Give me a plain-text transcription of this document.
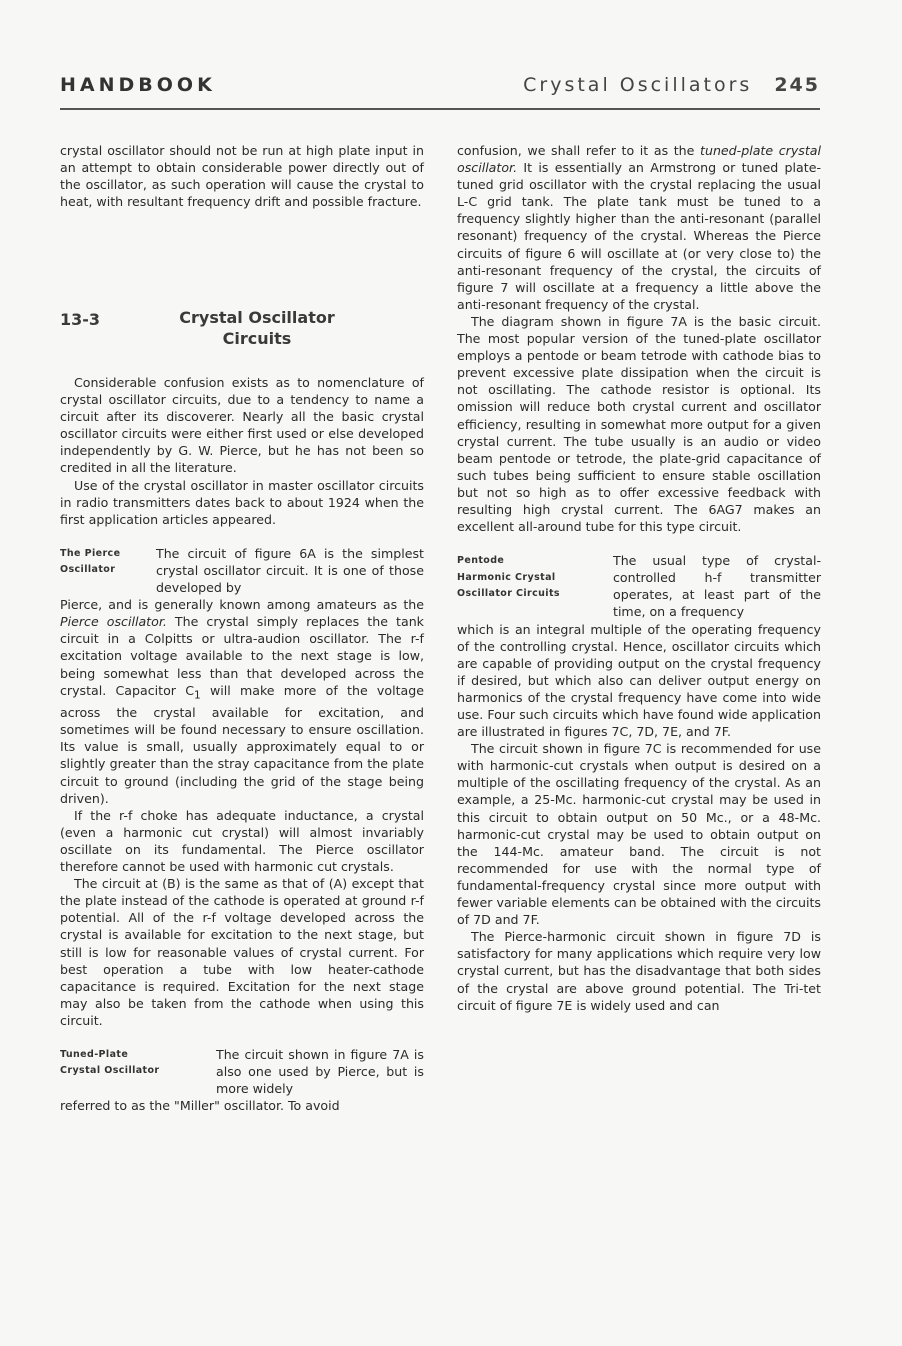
HANDBOOK	Crystal Oscillators 245

crystal oscillator should not be run at high plate input in an attempt to obtain considerable power directly out of the oscillator, as such operation will cause the crystal to heat, with resultant frequency drift and possible fracture.

13-3	Crystal Oscillator
Circuits

Considerable confusion exists as to nomenclature of crystal oscillator circuits, due to a tendency to name a circuit after its discoverer. Nearly all the basic crystal oscillator circuits were either first used or else developed independently by G. W. Pierce, but he has not been so credited in all the literature.

Use of the crystal oscillator in master oscillator circuits in radio transmitters dates back to about 1924 when the first application articles appeared.

The Pierce
Oscillator

The circuit of figure 6A is the simplest crystal oscillator circuit. It is one of those developed by

Pierce, and is generally known among amateurs as the Pierce oscillator. The crystal simply replaces the tank circuit in a Colpitts or ultra-audion oscillator. The r-f excitation voltage available to the next stage is low, being somewhat less than that developed across the crystal. Capacitor $C_1$ will make more of the voltage across the crystal available for excitation, and sometimes will be found necessary to ensure oscillation. Its value is small, usually approximately equal to or slightly greater than the stray capacitance from the plate circuit to ground (including the grid of the stage being driven).

If the r-f choke has adequate inductance, a crystal (even a harmonic cut crystal) will almost invariably oscillate on its fundamental. The Pierce oscillator therefore cannot be used with harmonic cut crystals.

The circuit at (B) is the same as that of (A) except that the plate instead of the cathode is operated at ground r-f potential. All of the r-f voltage developed across the crystal is available for excitation to the next stage, but still is low for reasonable values of crystal current. For best operation a tube with low heater-cathode capacitance is required. Excitation for the next stage may also be taken from the cathode when using this circuit.

Tuned-Plate
Crystal Oscillator

The circuit shown in figure 7A is also one used by Pierce, but is more widely

referred to as the "Miller" oscillator. To avoid

confusion, we shall refer to it as the tuned-plate crystal oscillator. It is essentially an Armstrong or tuned plate-tuned grid oscillator with the crystal replacing the usual L-C grid tank. The plate tank must be tuned to a frequency slightly higher than the anti-resonant (parallel resonant) frequency of the crystal. Whereas the Pierce circuits of figure 6 will oscillate at (or very close to) the anti-resonant frequency of the crystal, the circuits of figure 7 will oscillate at a frequency a little above the anti-resonant frequency of the crystal.

The diagram shown in figure 7A is the basic circuit. The most popular version of the tuned-plate oscillator employs a pentode or beam tetrode with cathode bias to prevent excessive plate dissipation when the circuit is not oscillating. The cathode resistor is optional. Its omission will reduce both crystal current and oscillator efficiency, resulting in somewhat more output for a given crystal current. The tube usually is an audio or video beam pentode or tetrode, the plate-grid capacitance of such tubes being sufficient to ensure stable oscillation but not so high as to offer excessive feedback with resulting high crystal current. The 6AG7 makes an excellent all-around tube for this type circuit.

Pentode
Harmonic Crystal
Oscillator Circuits

The usual type of crystal-controlled h-f transmitter operates, at least part of the time, on a frequency

which is an integral multiple of the operating frequency of the controlling crystal. Hence, oscillator circuits which are capable of providing output on the crystal frequency if desired, but which also can deliver output energy on harmonics of the crystal frequency have come into wide use. Four such circuits which have found wide application are illustrated in figures 7C, 7D, 7E, and 7F.

The circuit shown in figure 7C is recommended for use with harmonic-cut crystals when output is desired on a multiple of the oscillating frequency of the crystal. As an example, a 25-Mc. harmonic-cut crystal may be used in this circuit to obtain output on 50 Mc., or a 48-Mc. harmonic-cut crystal may be used to obtain output on the 144-Mc. amateur band. The circuit is not recommended for use with the normal type of fundamental-frequency crystal since more output with fewer variable elements can be obtained with the circuits of 7D and 7F.

The Pierce-harmonic circuit shown in figure 7D is satisfactory for many applications which require very low crystal current, but has the disadvantage that both sides of the crystal are above ground potential. The Tri-tet circuit of figure 7E is widely used and can
